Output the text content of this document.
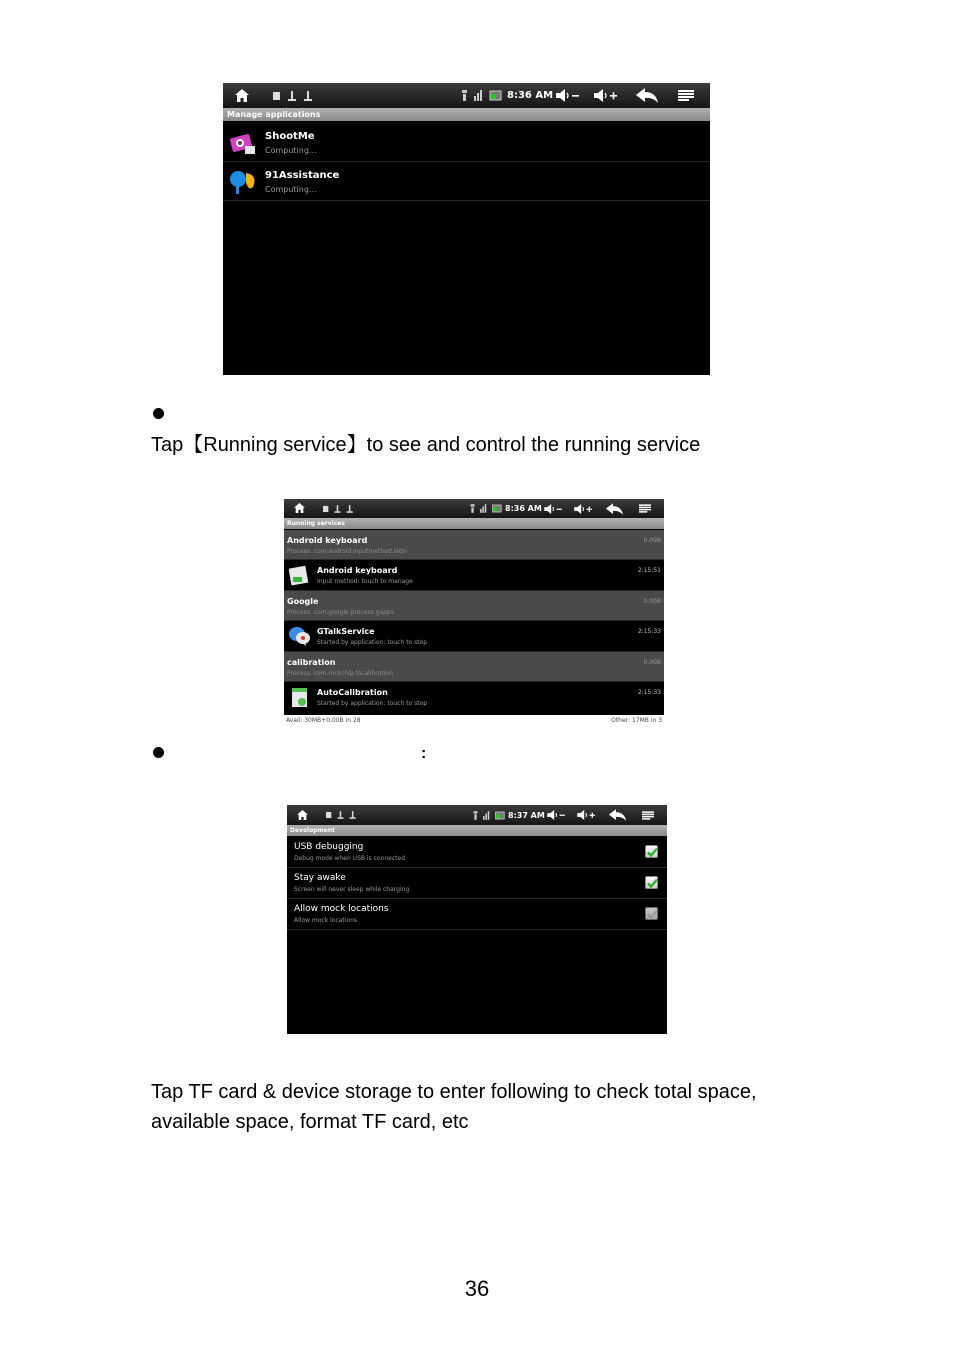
8:36 AM
Manage applications
ShootMe
Computing...
91Assistance
Computing...
Tap【Running service】to see and control the running service
8:36 AM
Running services
Android keyboard
Process: com.android.inputmethod.latin
0.00B
Android keyboard
Input method: touch to manage
2:15:51
Google
Process: com.google.process.gapps
0.00B
GTalkService
Started by application: touch to stop
2:15:33
calibration
Process: com.rockchip.tscalibration
0.00B
AutoCalibration
Started by application: touch to stop
2:15:33
Avail: 30MB+0.00B in 28	Other: 17MB in 3
:
8:37 AM
Development
USB debugging
Debug mode when USB is connected
Stay awake
Screen will never sleep while charging
Allow mock locations
Allow mock locations
Tap TF card & device storage to enter following to check total space,
available space, format TF card, etc
36
